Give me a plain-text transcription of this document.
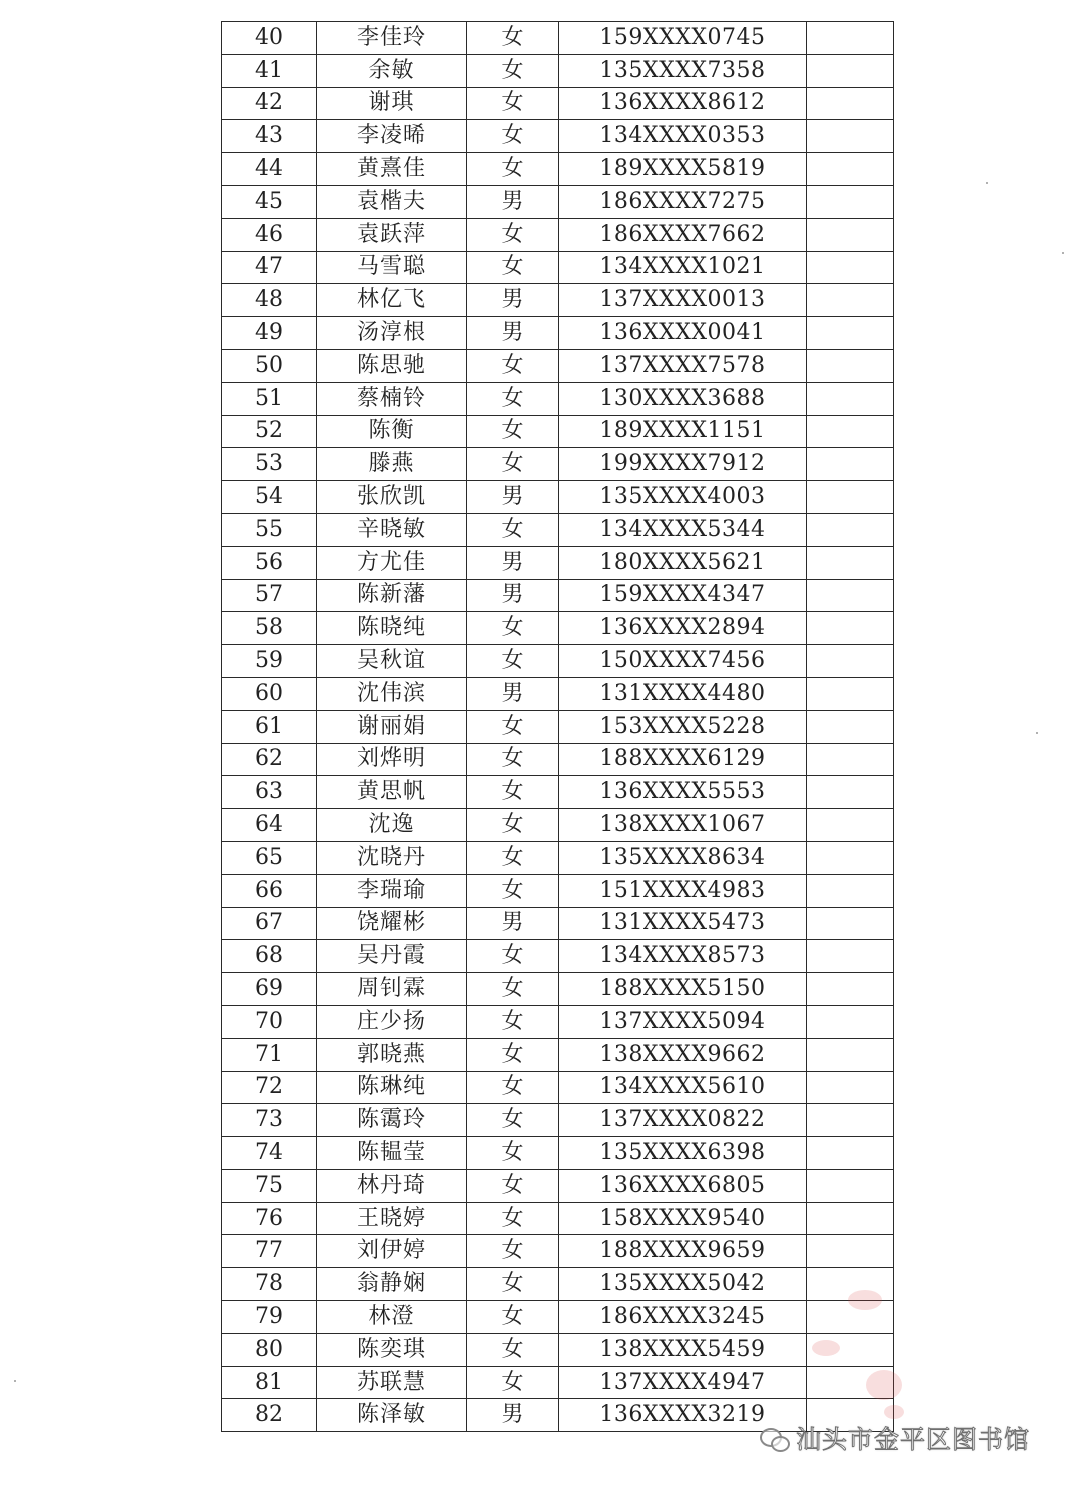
40	李佳玲	女	159XXXX0745	
41	余敏	女	135XXXX7358	
42	谢琪	女	136XXXX8612	
43	李凌晞	女	134XXXX0353	
44	黄熹佳	女	189XXXX5819	
45	袁楷夫	男	186XXXX7275	
46	袁跃萍	女	186XXXX7662	
47	马雪聪	女	134XXXX1021	
48	林亿飞	男	137XXXX0013	
49	汤淳根	男	136XXXX0041	
50	陈思驰	女	137XXXX7578	
51	蔡楠铃	女	130XXXX3688	
52	陈衡	女	189XXXX1151	
53	滕燕	女	199XXXX7912	
54	张欣凯	男	135XXXX4003	
55	辛晓敏	女	134XXXX5344	
56	方尤佳	男	180XXXX5621	
57	陈新藩	男	159XXXX4347	
58	陈晓纯	女	136XXXX2894	
59	吴秋谊	女	150XXXX7456	
60	沈伟滨	男	131XXXX4480	
61	谢丽娟	女	153XXXX5228	
62	刘烨明	女	188XXXX6129	
63	黄思帆	女	136XXXX5553	
64	沈逸	女	138XXXX1067	
65	沈晓丹	女	135XXXX8634	
66	李瑞瑜	女	151XXXX4983	
67	饶耀彬	男	131XXXX5473	
68	吴丹霞	女	134XXXX8573	
69	周钊霖	女	188XXXX5150	
70	庄少扬	女	137XXXX5094	
71	郭晓燕	女	138XXXX9662	
72	陈琳纯	女	134XXXX5610	
73	陈霭玲	女	137XXXX0822	
74	陈韫莹	女	135XXXX6398	
75	林丹琦	女	136XXXX6805	
76	王晓婷	女	158XXXX9540	
77	刘伊婷	女	188XXXX9659	
78	翁静娴	女	135XXXX5042	
79	林澄	女	186XXXX3245	
80	陈奕琪	女	138XXXX5459	
81	苏联慧	女	137XXXX4947	
82	陈泽敏	男	136XXXX3219	
汕头市金平区图书馆
